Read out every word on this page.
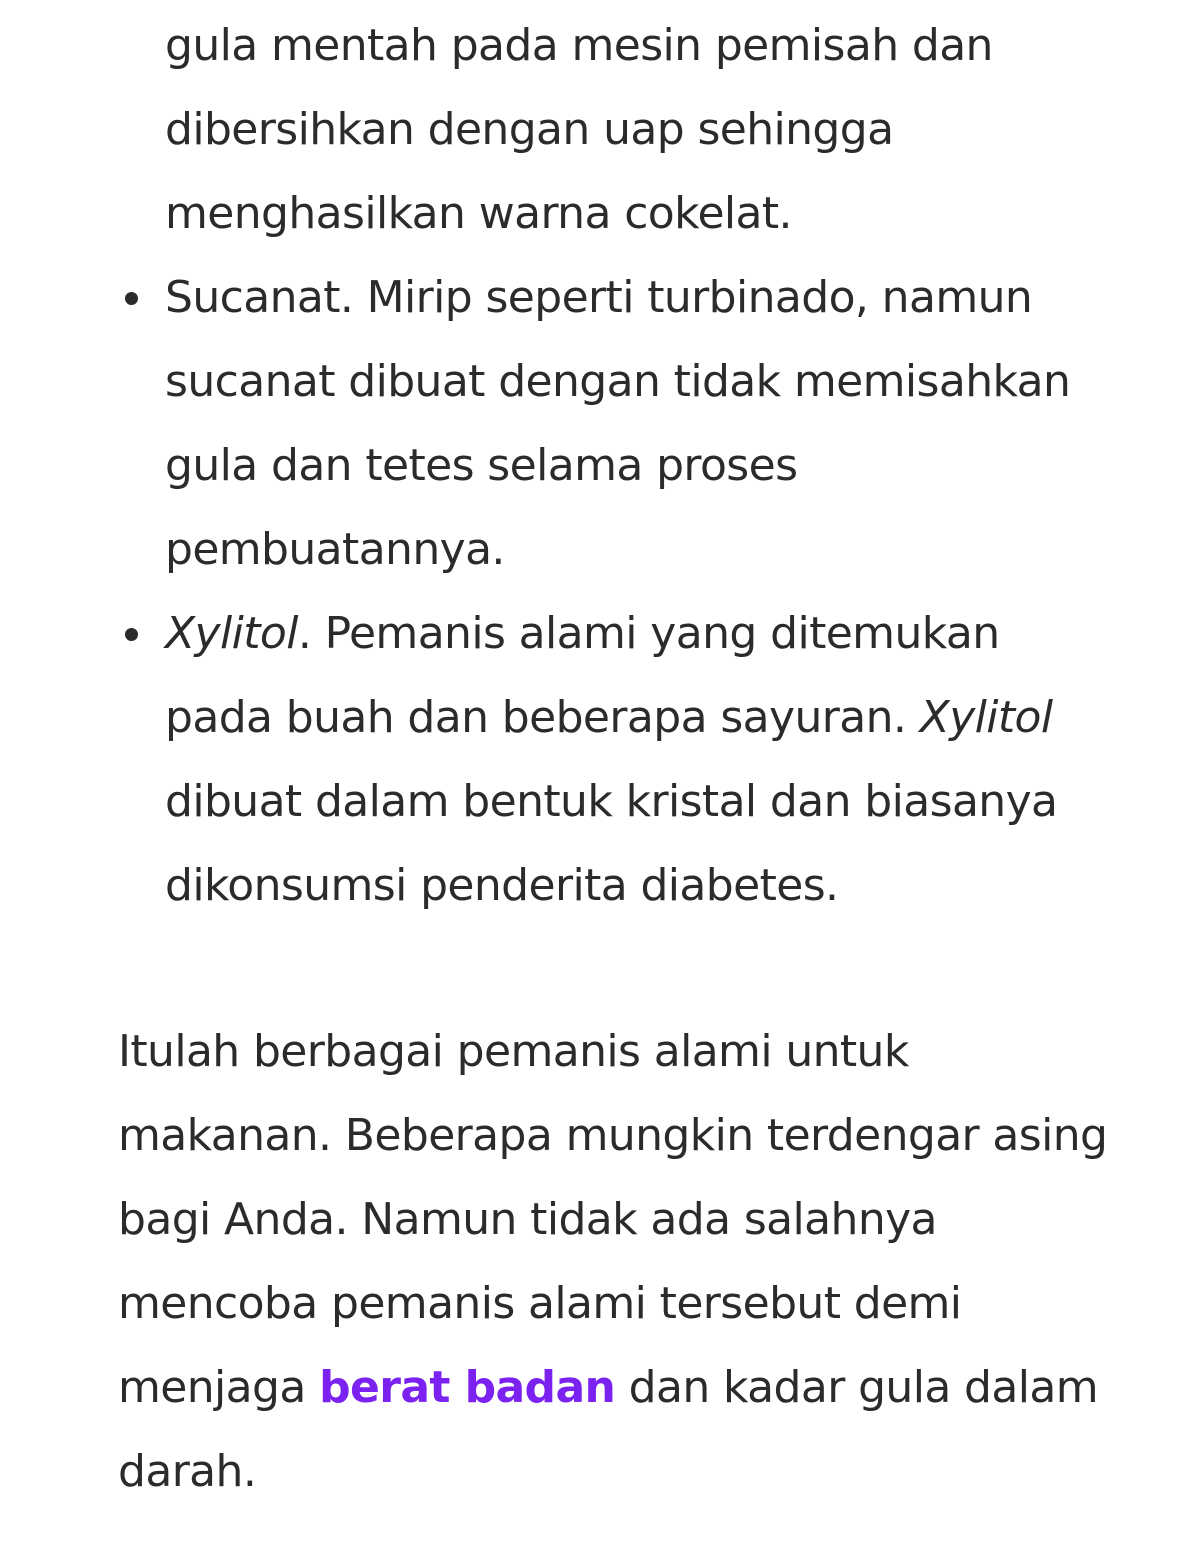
gula mentah pada mesin pemisah dan dibersihkan dengan uap sehingga menghasilkan warna cokelat.
Sucanat. Mirip seperti turbinado, namun sucanat dibuat dengan tidak memisahkan gula dan tetes selama proses pembuatannya.
Xylitol. Pemanis alami yang ditemukan pada buah dan beberapa sayuran. Xylitol dibuat dalam bentuk kristal dan biasanya dikonsumsi penderita diabetes.

Itulah berbagai pemanis alami untuk makanan. Beberapa mungkin terdengar asing bagi Anda. Namun tidak ada salahnya mencoba pemanis alami tersebut demi menjaga berat badan dan kadar gula dalam darah.
